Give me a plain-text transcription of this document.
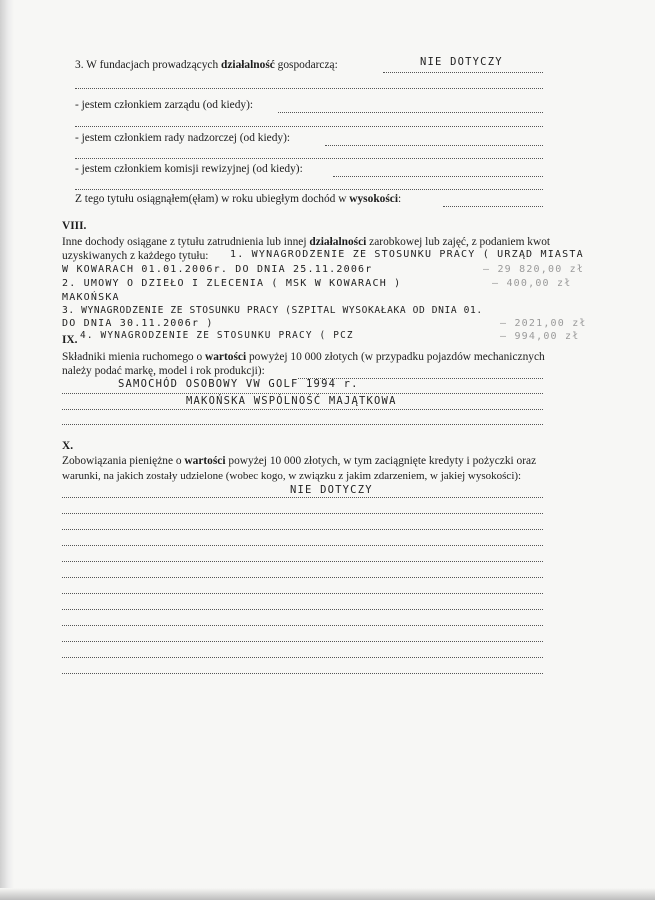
3. W fundacjach prowadzących działalność gospodarczą:	NIE DOTYCZY
- jestem członkiem zarządu (od kiedy):
- jestem członkiem rady nadzorczej (od kiedy):
- jestem członkiem komisji rewizyjnej (od kiedy):
Z tego tytułu osiągnąłem(ęłam) w roku ubiegłym dochód w wysokości:
VIII.
Inne dochody osiągane z tytułu zatrudnienia lub innej działalności zarobkowej lub zajęć, z podaniem kwot
uzyskiwanych z każdego tytułu: 1. WYNAGRODZENIE ZE STOSUNKU PRACY ( URZĄD MIASTA
W KOWARACH 01.01.2006r. DO DNIA 25.11.2006r	– 29 820,00 zł
2. UMOWY O DZIEŁO I ZLECENIA ( MSK W KOWARACH )	– 400,00 zł
MAKOŃSKA
3. WYNAGRODZENIE ZE STOSUNKU PRACY (SZPITAL WYSOKAŁAKA OD DNIA 01.
DO DNIA 30.11.2006r )	– 2021,00 zł
4. WYNAGRODZENIE ZE STOSUNKU PRACY ( PCZ	– 994,00 zł
IX.
Składniki mienia ruchomego o wartości powyżej 10 000 złotych (w przypadku pojazdów mechanicznych
należy podać markę, model i rok produkcji):
SAMOCHÓD OSOBOWY VW GOLF 1994 r.
MAKOŃSKA WSPÓLNOŚĆ MAJĄTKOWA
X.
Zobowiązania pieniężne o wartości powyżej 10 000 złotych, w tym zaciągnięte kredyty i pożyczki oraz
warunki, na jakich zostały udzielone (wobec kogo, w związku z jakim zdarzeniem, w jakiej wysokości):
NIE DOTYCZY
